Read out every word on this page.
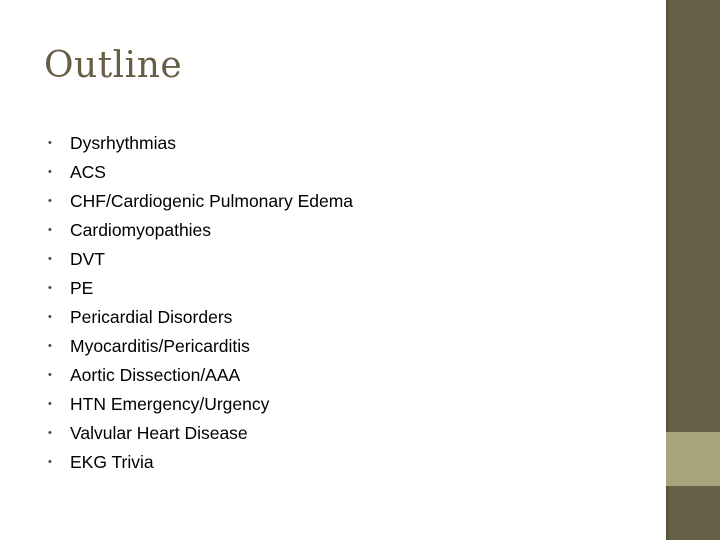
Outline
• Dysrhythmias
• ACS
• CHF/Cardiogenic Pulmonary Edema
• Cardiomyopathies
• DVT
• PE
• Pericardial Disorders
• Myocarditis/Pericarditis
• Aortic Dissection/AAA
• HTN Emergency/Urgency
• Valvular Heart Disease
• EKG Trivia
